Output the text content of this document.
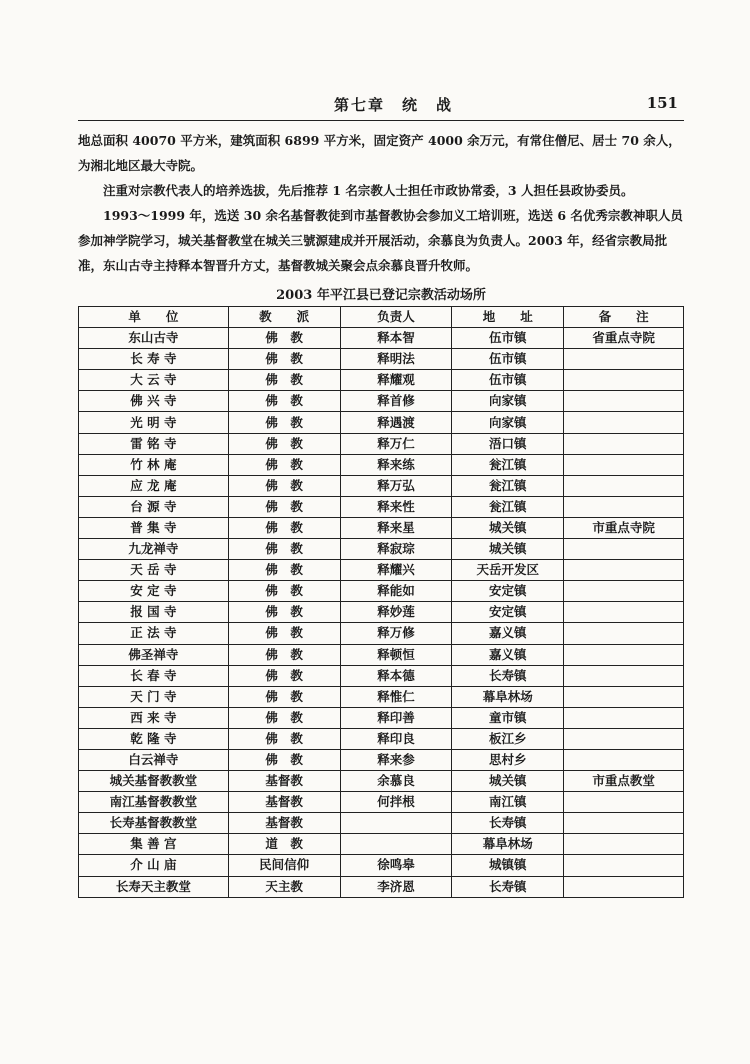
第七章　统　战	151

地总面积 40070 平方米，建筑面积 6899 平方米，固定资产 4000 余万元，有常住僧尼、居士 70 余人，为湘北地区最大寺院。

注重对宗教代表人的培养选拔，先后推荐 1 名宗教人士担任市政协常委，3 人担任县政协委员。

1993～1999 年，选送 30 余名基督教徒到市基督教协会参加义工培训班，选送 6 名优秀宗教神职人员参加神学院学习，城关基督教堂在城关三號源建成并开展活动，余慕良为负责人。2003 年，经省宗教局批准，东山古寺主持释本智晋升方丈，基督教城关聚会点余慕良晋升牧师。

2003 年平江县已登记宗教活动场所
单　　位	教　　派	负责人	地　　址	备　　注
东山古寺	佛　教	释本智	伍市镇	省重点寺院
长 寿 寺	佛　教	释明法	伍市镇	
大 云 寺	佛　教	释耀观	伍市镇	
佛 兴 寺	佛　教	释首修	向家镇	
光 明 寺	佛　教	释遇渡	向家镇	
雷 铭 寺	佛　教	释万仁	浯口镇	
竹 林 庵	佛　教	释来练	瓮江镇	
应 龙 庵	佛　教	释万弘	瓮江镇	
台 源 寺	佛　教	释来性	瓮江镇	
普 集 寺	佛　教	释来星	城关镇	市重点寺院
九龙禅寺	佛　教	释寂琮	城关镇	
天 岳 寺	佛　教	释耀兴	天岳开发区	
安 定 寺	佛　教	释能如	安定镇	
报 国 寺	佛　教	释妙莲	安定镇	
正 法 寺	佛　教	释万修	嘉义镇	
佛圣禅寺	佛　教	释顿恒	嘉义镇	
长 春 寺	佛　教	释本德	长寿镇	
天 门 寺	佛　教	释惟仁	幕阜林场	
西 来 寺	佛　教	释印善	童市镇	
乾 隆 寺	佛　教	释印良	板江乡	
白云禅寺	佛　教	释来参	思村乡	
城关基督教教堂	基督教	余慕良	城关镇	市重点教堂
南江基督教教堂	基督教	何拌根	南江镇	
长寿基督教教堂	基督教		长寿镇	
集 善 宫	道　教		幕阜林场	
介 山 庙	民间信仰	徐鸣皋	城镇镇	
长寿天主教堂	天主教	李济恩	长寿镇	
